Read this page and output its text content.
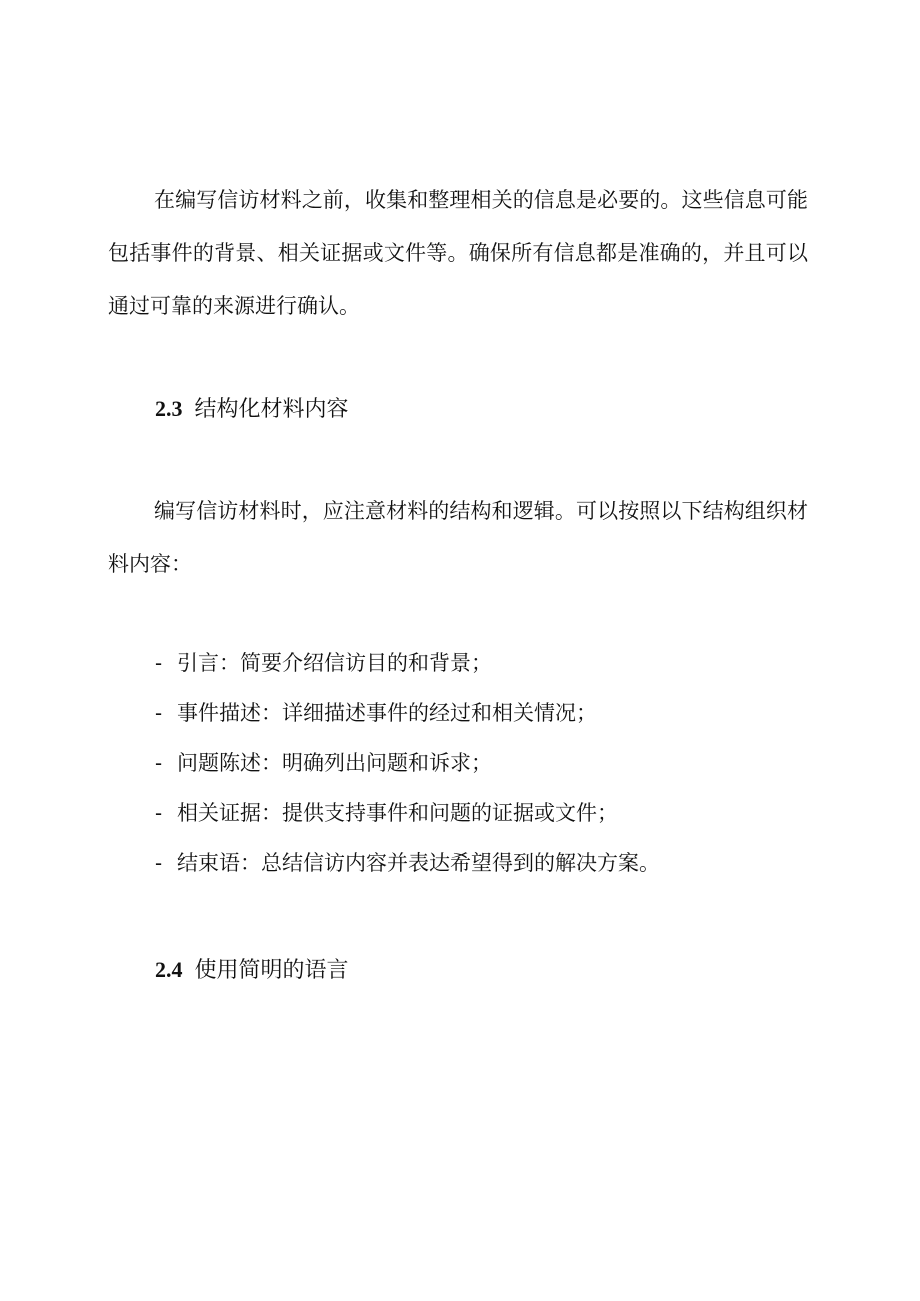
在编写信访材料之前，收集和整理相关的信息是必要的。这些信息可能包括事件的背景、相关证据或文件等。确保所有信息都是准确的，并且可以通过可靠的来源进行确认。

2.3 结构化材料内容

编写信访材料时，应注意材料的结构和逻辑。可以按照以下结构组织材料内容：

- 引言：简要介绍信访目的和背景；
- 事件描述：详细描述事件的经过和相关情况；
- 问题陈述：明确列出问题和诉求；
- 相关证据：提供支持事件和问题的证据或文件；
- 结束语：总结信访内容并表达希望得到的解决方案。
2.4 使用简明的语言
